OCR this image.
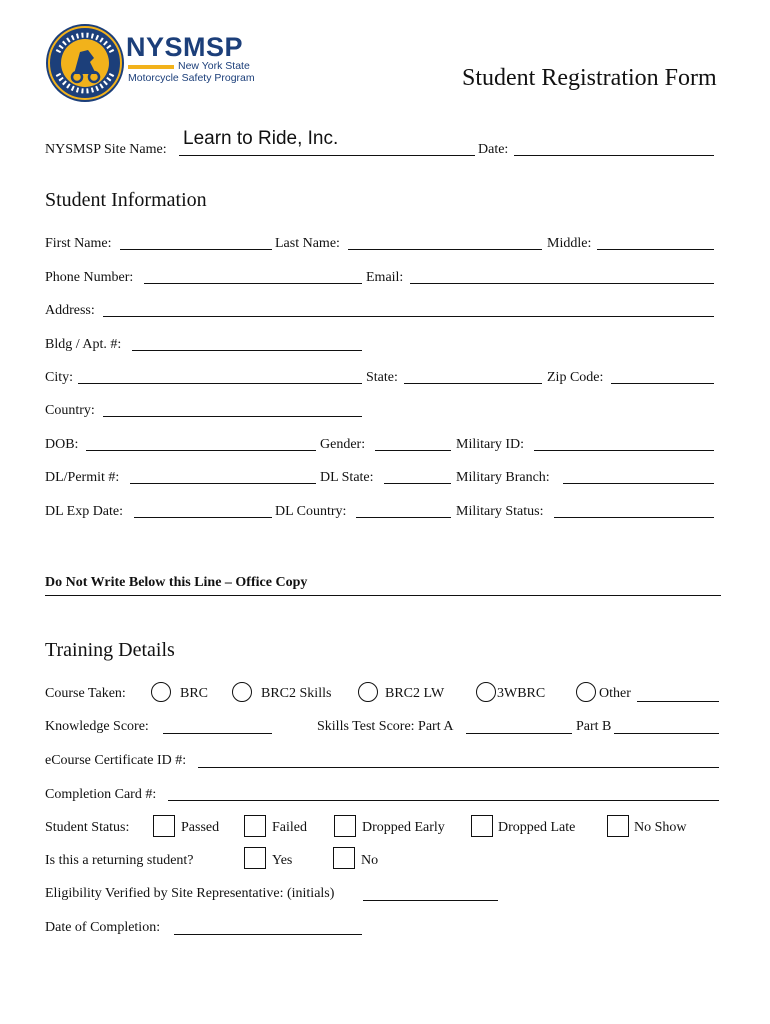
NYSMSP
New York State
Motorcycle Safety Program	Student Registration Form
NYSMSP Site Name:
Learn to Ride, Inc.
Date:
Student Information
First Name:	Last Name:	Middle:
Phone Number:	Email:
Address:
Bldg / Apt. #:
City:	State:	Zip Code:
Country:
DOB:	Gender:	Military ID:
DL/Permit #:	DL State:	Military Branch:
DL Exp Date:	DL Country:	Military Status:
Do Not Write Below this Line – Office Copy
Training Details
Course Taken:	BRC	BRC2 Skills	BRC2 LW	3WBRC	Other
Knowledge Score:	Skills Test Score: Part A	Part B
eCourse Certificate ID #:
Completion Card #:
Student Status:	Passed	Failed	Dropped Early	Dropped Late	No Show
Is this a returning student?	Yes	No
Eligibility Verified by Site Representative: (initials)
Date of Completion:
